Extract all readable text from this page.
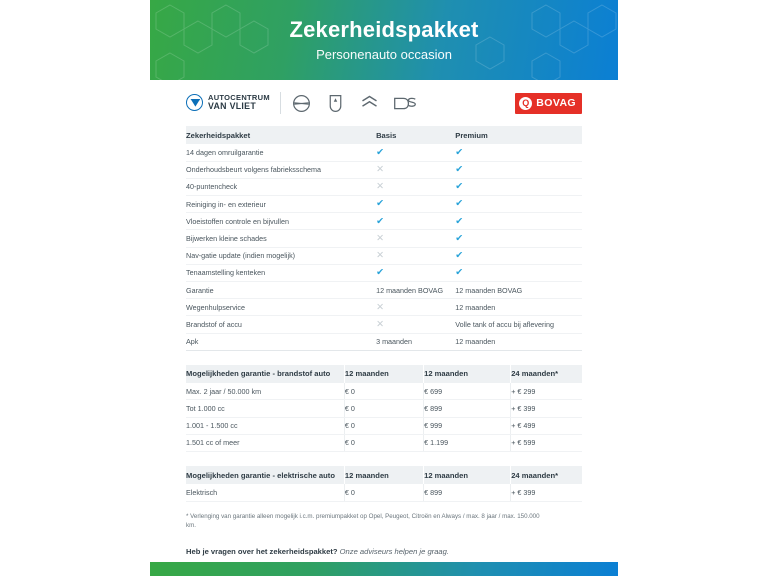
Zekerheidspakket
Personenauto occasion
AUTOCENTRUM
VAN VLIET	Q BOVAG
Zekerheidspakket	Basis	Premium
14 dagen omruilgarantie	✔	✔
Onderhoudsbeurt volgens fabrieksschema	✕	✔
40-puntencheck	✕	✔
Reiniging in- en exterieur	✔	✔
Vloeistoffen controle en bijvullen	✔	✔
Bijwerken kleine schades	✕	✔
Nav-gatie update (indien mogelijk)	✕	✔
Tenaamstelling kenteken	✔	✔
Garantie	12 maanden BOVAG	12 maanden BOVAG
Wegenhulpservice	✕	12 maanden
Brandstof of accu	✕	Volle tank of accu bij aflevering
Apk	3 maanden	12 maanden
Mogelijkheden garantie - brandstof auto	12 maanden	12 maanden	24 maanden*
Max. 2 jaar / 50.000 km	€ 0	€ 699	+ € 299
Tot 1.000 cc	€ 0	€ 899	+ € 399
1.001 - 1.500 cc	€ 0	€ 999	+ € 499
1.501 cc of meer	€ 0	€ 1.199	+ € 599
Mogelijkheden garantie - elektrische auto	12 maanden	12 maanden	24 maanden*
Elektrisch	€ 0	€ 899	+ € 399
* Verlenging van garantie alleen mogelijk i.c.m. premiumpakket op Opel, Peugeot, Citroën en Always / max. 8 jaar / max. 150.000 km.
Heb je vragen over het zekerheidspakket? Onze adviseurs helpen je graag.
